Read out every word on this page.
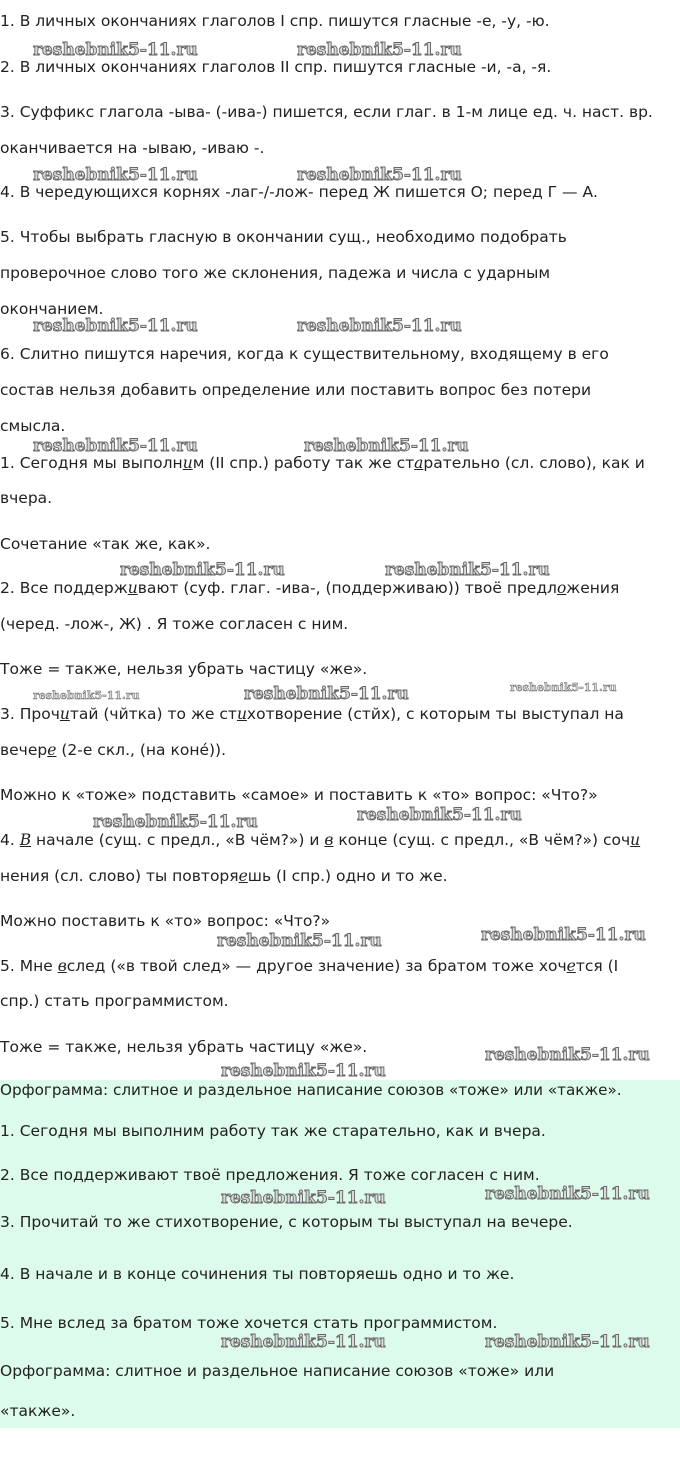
1. В личных окончаниях глаголов I спр. пишутся гласные -е, -у, -ю.

2. В личных окончаниях глаголов II спр. пишутся гласные -и, -а, -я.

3. Суффикс глагола -ыва- (-ива-) пишется, если глаг. в 1-м лице ед. ч. наст. вр.

оканчивается на -ываю, -иваю -.

4. В чередующихся корнях -лаг-/-лож- перед Ж пишется О; перед Г — А.

5. Чтобы выбрать гласную в окончании сущ., необходимо подобрать

проверочное слово того же склонения, падежа и числа с ударным

окончанием.

6. Слитно пишутся наречия, когда к существительному, входящему в его

состав нельзя добавить определение или поставить вопрос без потери

смысла.

1. Сегодня мы выполним (II спр.) работу так же старательно (сл. слово), как и

вчера.

Сочетание «так же, как».

2. Все поддерживают (суф. глаг. -ива-, (поддерживаю)) твоё предложения

(черед. -лож-, Ж) . Я тоже согласен с ним.

Тоже = также, нельзя убрать частицу «же».

3. Прочитай (чйтка) то же стихотворение (стйх), с которым ты выступал на

вечере (2-е скл., (на коне́)).

Можно к «тоже» подставить «самое» и поставить к «то» вопрос: «Что?»

4. В начале (сущ. с предл., «В чём?») и в конце (сущ. с предл., «В чём?») сочи

нения (сл. слово) ты повторяешь (I спр.) одно и то же.

Можно поставить к «то» вопрос: «Что?»

5. Мне вслед («в твой след» — другое значение) за братом тоже хочется (I

спр.) стать программистом.

Тоже = также, нельзя убрать частицу «же».

Орфограмма: слитное и раздельное написание союзов «тоже» или «также».

1. Сегодня мы выполним работу так же старательно, как и вчера.

2. Все поддерживают твоё предложения. Я тоже согласен с ним.

3. Прочитай то же стихотворение, с которым ты выступал на вечере.

4. В начале и в конце сочинения ты повторяешь одно и то же.

5. Мне вслед за братом тоже хочется стать программистом.

Орфограмма: слитное и раздельное написание союзов «тоже» или

«также».

reshebnik5-11.ru	reshebnik5-11.ru
reshebnik5-11.ru	reshebnik5-11.ru
reshebnik5-11.ru	reshebnik5-11.ru
reshebnik5-11.ru	reshebnik5-11.ru
reshebnik5-11.ru	reshebnik5-11.ru
reshebnik5-11.ru	reshebnik5-11.ru	reshebnik5-11.ru
reshebnik5-11.ru
reshebnik5-11.ru
reshebnik5-11.ru
reshebnik5-11.ru
reshebnik5-11.ru
reshebnik5-11.ru
reshebnik5-11.ru
reshebnik5-11.ru
reshebnik5-11.ru	reshebnik5-11.ru
